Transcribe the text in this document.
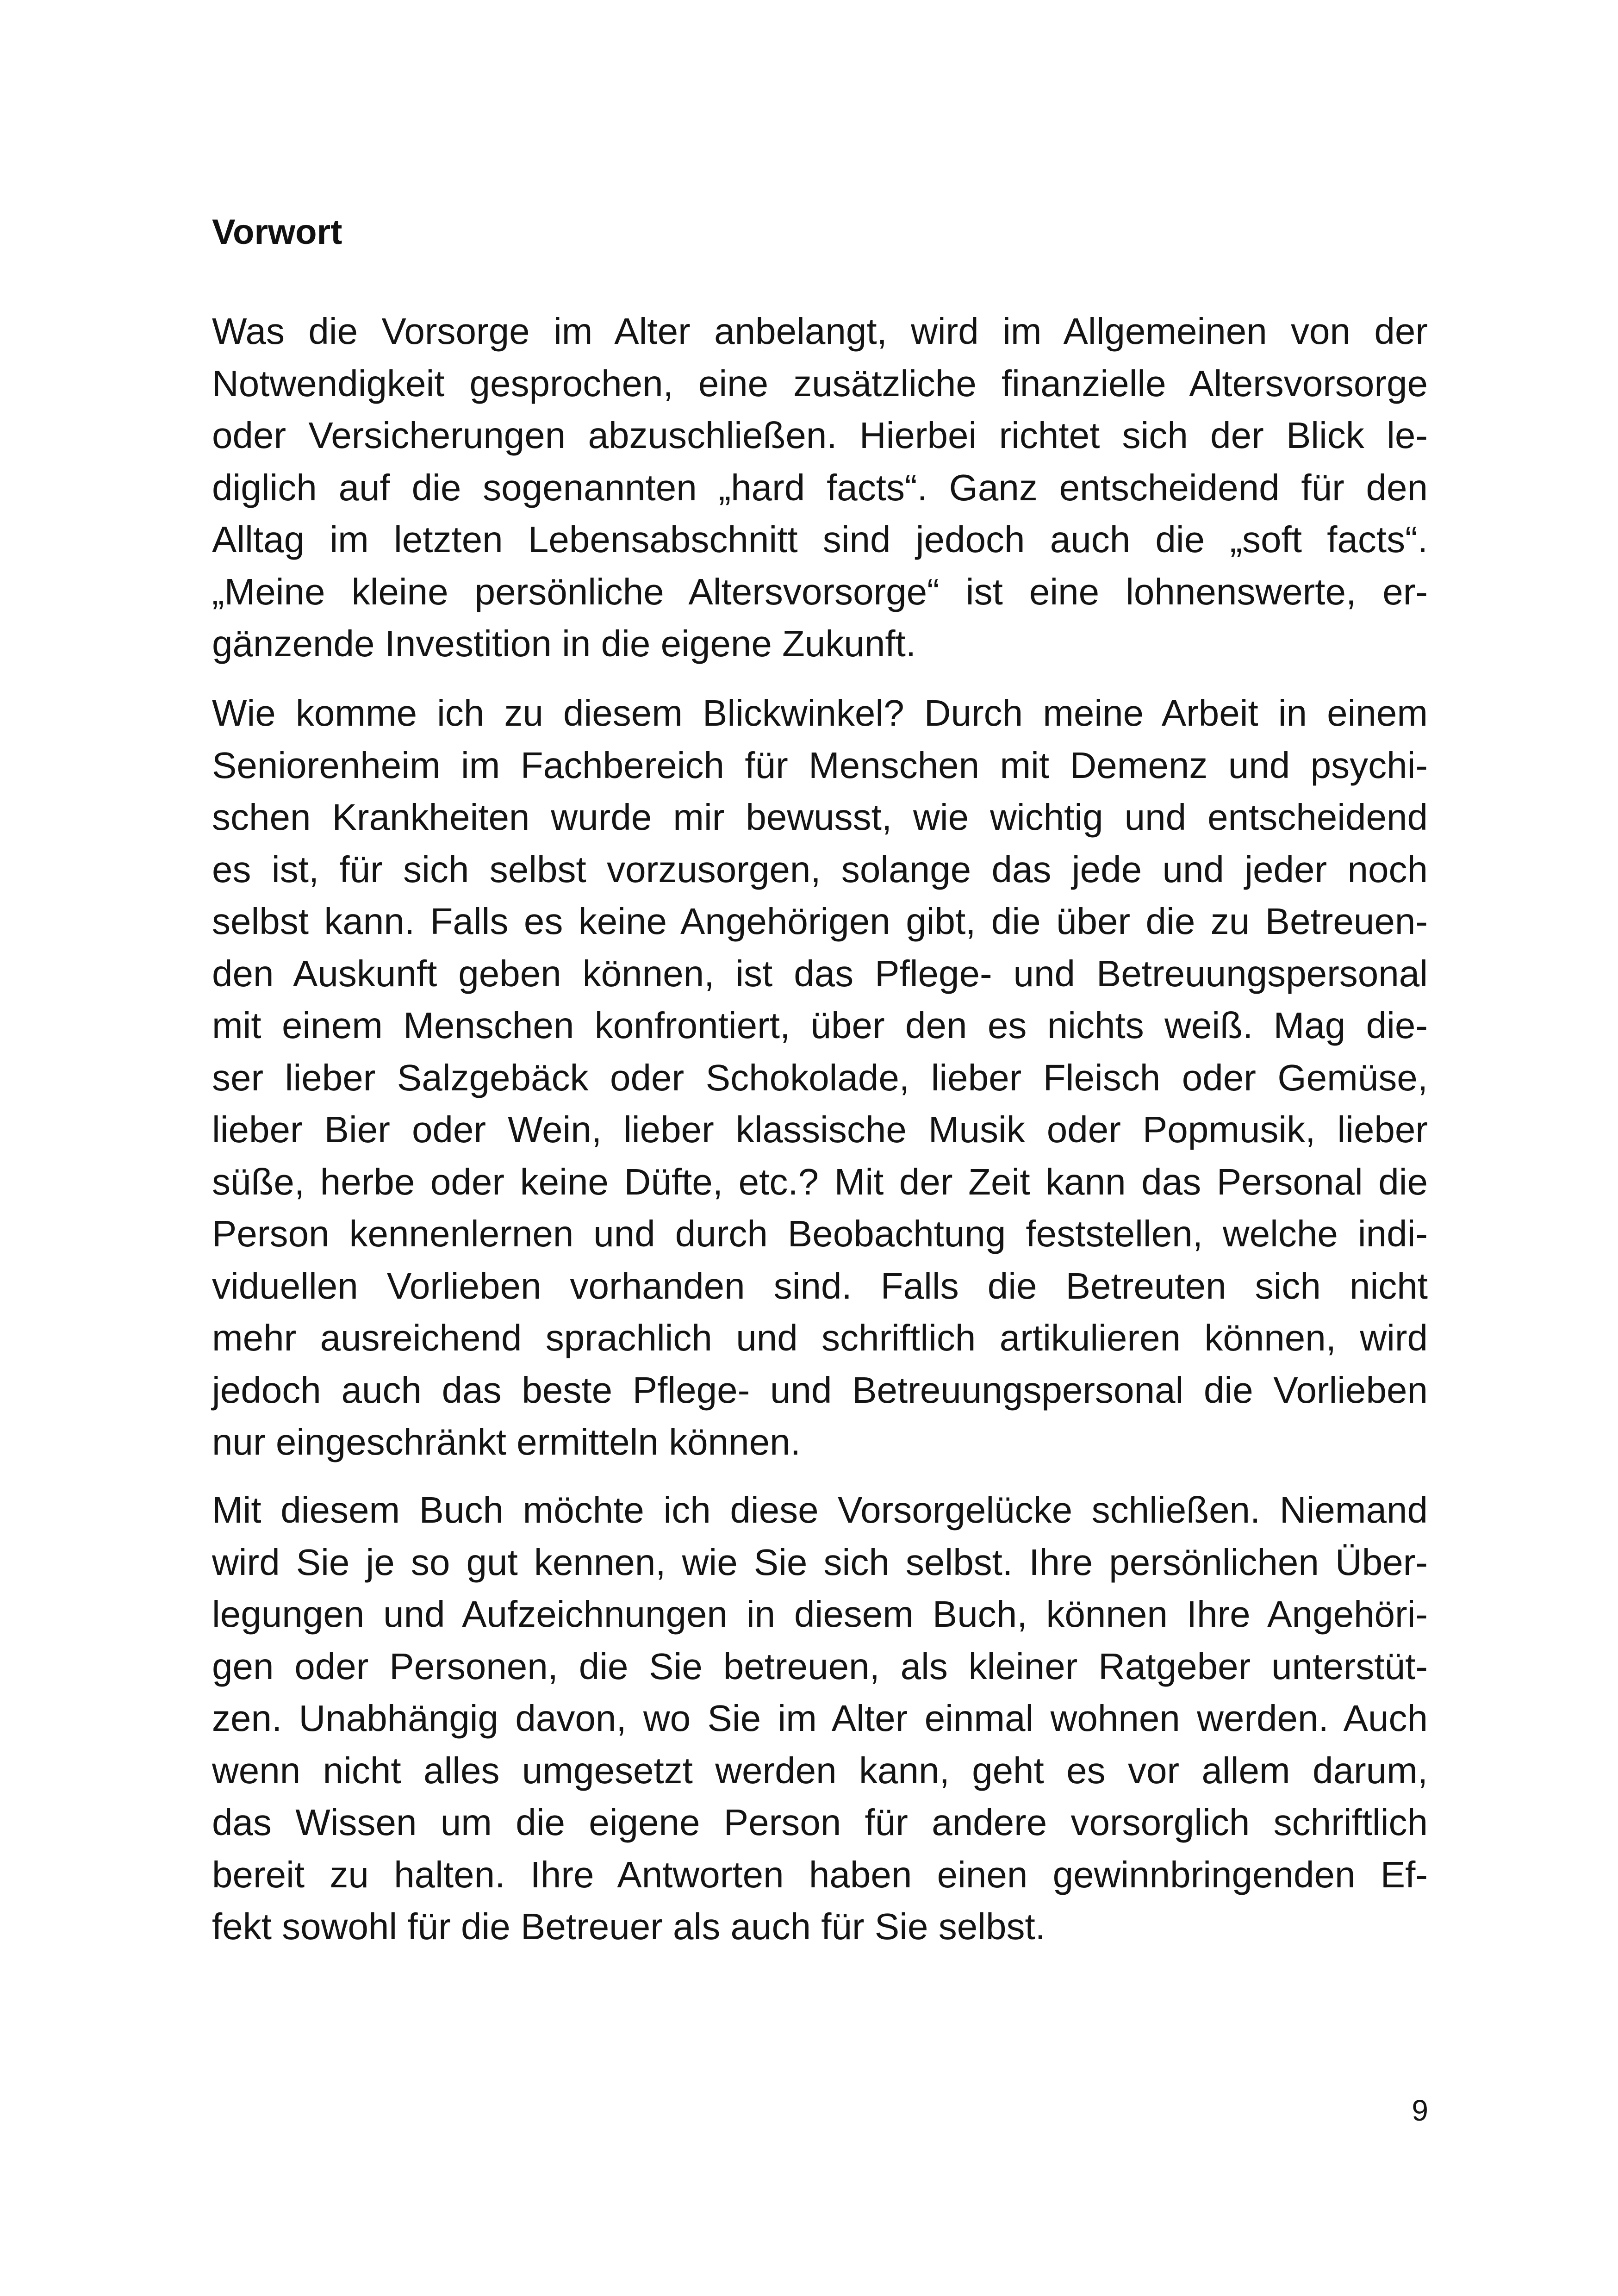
Vorwort

Was die Vorsorge im Alter anbelangt, wird im Allgemeinen von der
Notwendigkeit gesprochen, eine zusätzliche finanzielle Altersvorsorge
oder Versicherungen abzuschließen. Hierbei richtet sich der Blick le-
diglich auf die sogenannten „hard facts“. Ganz entscheidend für den
Alltag im letzten Lebensabschnitt sind jedoch auch die „soft facts“.
„Meine kleine persönliche Altersvorsorge“ ist eine lohnenswerte, er-
gänzende Investition in die eigene Zukunft.

Wie komme ich zu diesem Blickwinkel? Durch meine Arbeit in einem
Seniorenheim im Fachbereich für Menschen mit Demenz und psychi-
schen Krankheiten wurde mir bewusst, wie wichtig und entscheidend
es ist, für sich selbst vorzusorgen, solange das jede und jeder noch
selbst kann. Falls es keine Angehörigen gibt, die über die zu Betreuen-
den Auskunft geben können, ist das Pflege- und Betreuungspersonal
mit einem Menschen konfrontiert, über den es nichts weiß. Mag die-
ser lieber Salzgebäck oder Schokolade, lieber Fleisch oder Gemüse,
lieber Bier oder Wein, lieber klassische Musik oder Popmusik, lieber
süße, herbe oder keine Düfte, etc.? Mit der Zeit kann das Personal die
Person kennenlernen und durch Beobachtung feststellen, welche indi-
viduellen Vorlieben vorhanden sind. Falls die Betreuten sich nicht
mehr ausreichend sprachlich und schriftlich artikulieren können, wird
jedoch auch das beste Pflege- und Betreuungspersonal die Vorlieben
nur eingeschränkt ermitteln können.

Mit diesem Buch möchte ich diese Vorsorgelücke schließen. Niemand
wird Sie je so gut kennen, wie Sie sich selbst. Ihre persönlichen Über-
legungen und Aufzeichnungen in diesem Buch, können Ihre Angehöri-
gen oder Personen, die Sie betreuen, als kleiner Ratgeber unterstüt-
zen. Unabhängig davon, wo Sie im Alter einmal wohnen werden. Auch
wenn nicht alles umgesetzt werden kann, geht es vor allem darum,
das Wissen um die eigene Person für andere vorsorglich schriftlich
bereit zu halten. Ihre Antworten haben einen gewinnbringenden Ef-
fekt sowohl für die Betreuer als auch für Sie selbst.

9
